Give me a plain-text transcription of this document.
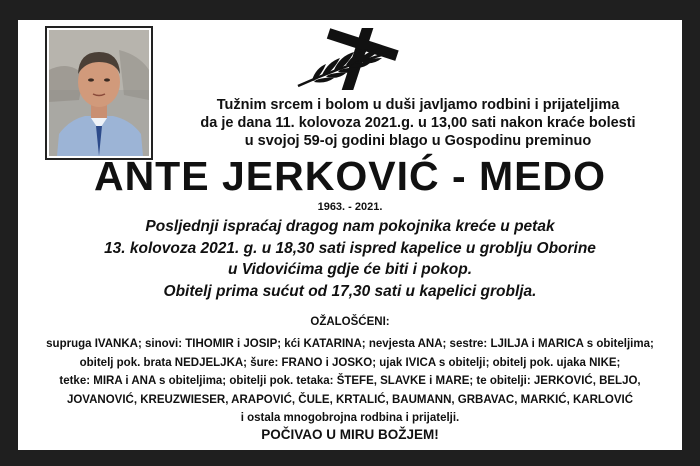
Tužnim srcem i bolom u duši javljamo rodbini i prijateljima
da je dana 11. kolovoza 2021.g. u 13,00 sati nakon kraće bolesti
u svojoj 59-oj godini blago u Gospodinu preminuo
ANTE JERKOVIĆ - MEDO
1963. - 2021.
Posljednji ispraćaj dragog nam pokojnika kreće u petak
13. kolovoza 2021. g. u 18,30 sati ispred kapelice u groblju Oborine
u Vidovićima gdje će biti i pokop.
Obitelj prima sućut od 17,30 sati u kapelici groblja.
OŽALOŠĆENI:
supruga IVANKA; sinovi: TIHOMIR i JOSIP; kći KATARINA; nevjesta ANA; sestre: LJILJA i MARICA s obiteljima;
obitelj pok. brata NEDJELJKA; šure: FRANO i JOSKO; ujak IVICA s obitelji; obitelj pok. ujaka NIKE;
tetke: MIRA i ANA s obiteljima; obitelji pok. tetaka: ŠTEFE, SLAVKE i MARE; te obitelji: JERKOVIĆ, BELJO,
JOVANOVIĆ, KREUZWIESER, ARAPOVIĆ, ČULE, KRTALIĆ, BAUMANN, GRBAVAC, MARKIĆ, KARLOVIĆ
i ostala mnogobrojna rodbina i prijatelji.
POČIVAO U MIRU BOŽJEM!
